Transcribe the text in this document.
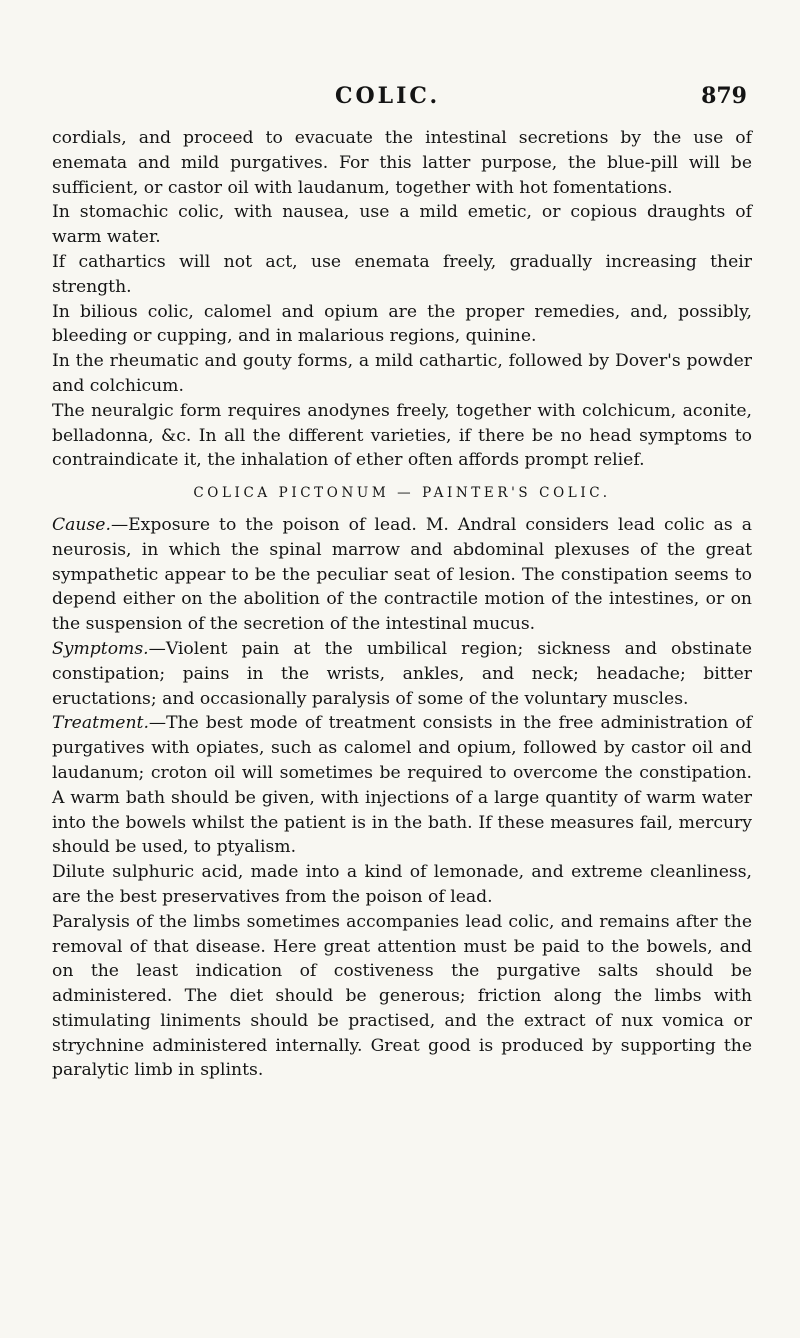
COLIC.	879

cordials, and proceed to evacuate the intestinal secretions by the use of enemata and mild purgatives. For this latter purpose, the blue-pill will be sufficient, or castor oil with laudanum, together with hot fomentations.

In stomachic colic, with nausea, use a mild emetic, or copious draughts of warm water.

If cathartics will not act, use enemata freely, gradually increasing their strength.

In bilious colic, calomel and opium are the proper remedies, and, possibly, bleeding or cupping, and in malarious regions, quinine.

In the rheumatic and gouty forms, a mild cathartic, followed by Dover's powder and colchicum.

The neuralgic form requires anodynes freely, together with colchicum, aconite, belladonna, &c. In all the different varieties, if there be no head symptoms to contraindicate it, the inhalation of ether often affords prompt relief.

COLICA PICTONUM — PAINTER'S COLIC.

Cause.—Exposure to the poison of lead. M. Andral considers lead colic as a neurosis, in which the spinal marrow and abdominal plexuses of the great sympathetic appear to be the peculiar seat of lesion. The constipation seems to depend either on the abolition of the contractile motion of the intestines, or on the suspension of the secretion of the intestinal mucus.

Symptoms.—Violent pain at the umbilical region; sickness and obstinate constipation; pains in the wrists, ankles, and neck; headache; bitter eructations; and occasionally paralysis of some of the voluntary muscles.

Treatment.—The best mode of treatment consists in the free administration of purgatives with opiates, such as calomel and opium, followed by castor oil and laudanum; croton oil will sometimes be required to overcome the constipation. A warm bath should be given, with injections of a large quantity of warm water into the bowels whilst the patient is in the bath. If these measures fail, mercury should be used, to ptyalism.

Dilute sulphuric acid, made into a kind of lemonade, and extreme cleanliness, are the best preservatives from the poison of lead.

Paralysis of the limbs sometimes accompanies lead colic, and remains after the removal of that disease. Here great attention must be paid to the bowels, and on the least indication of costiveness the purgative salts should be administered. The diet should be generous; friction along the limbs with stimulating liniments should be practised, and the extract of nux vomica or strychnine administered internally. Great good is produced by supporting the paralytic limb in splints.
